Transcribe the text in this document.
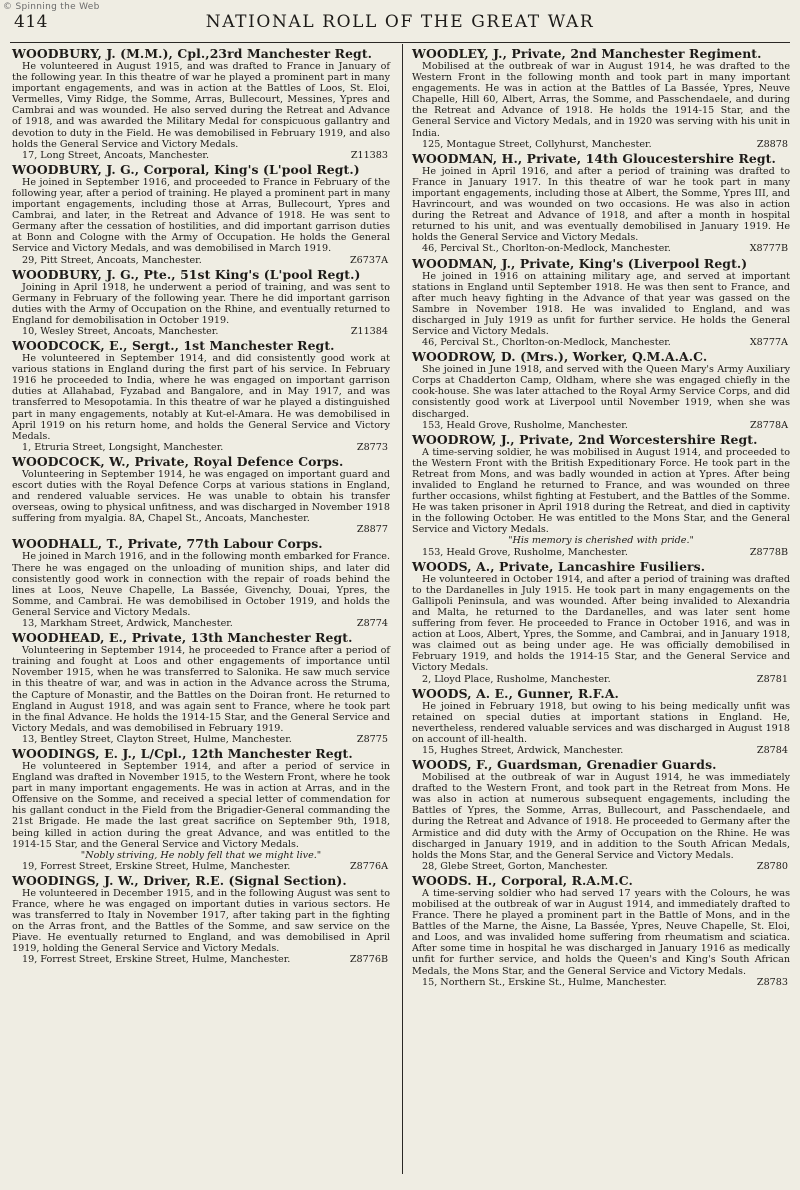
© Spinning the Web
414	NATIONAL ROLL OF THE GREAT WAR
WOODBURY, J. (M.M.), Cpl.,23rd Manchester Regt.
He volunteered in August 1915, and was drafted to France in January of the following year. In this theatre of war he played a prominent part in many important engagements, and was in action at the Battles of Loos, St. Eloi, Vermelles, Vimy Ridge, the Somme, Arras, Bullecourt, Messines, Ypres and Cambrai and was wounded. He also served during the Retreat and Advance of 1918, and was awarded the Military Medal for conspicuous gallantry and devotion to duty in the Field. He was demobilised in February 1919, and also holds the General Service and Victory Medals.
17, Long Street, Ancoats, Manchester.	Z11383
WOODBURY, J. G., Corporal, King's (L'pool Regt.)
He joined in September 1916, and proceeded to France in February of the following year, after a period of training. He played a prominent part in many important engagements, including those at Arras, Bullecourt, Ypres and Cambrai, and later, in the Retreat and Advance of 1918. He was sent to Germany after the cessation of hostilities, and did important garrison duties at Bonn and Cologne with the Army of Occupation. He holds the General Service and Victory Medals, and was demobilised in March 1919.
29, Pitt Street, Ancoats, Manchester.	Z6737A
WOODBURY, J. G., Pte., 51st King's (L'pool Regt.)
Joining in April 1918, he underwent a period of training, and was sent to Germany in February of the following year. There he did important garrison duties with the Army of Occupation on the Rhine, and eventually returned to England for demobilisation in October 1919.
10, Wesley Street, Ancoats, Manchester.	Z11384
WOODCOCK, E., Sergt., 1st Manchester Regt.
He volunteered in September 1914, and did consistently good work at various stations in England during the first part of his service. In February 1916 he proceeded to India, where he was engaged on important garrison duties at Allahabad, Fyzabad and Bangalore, and in May 1917, and was transferred to Mesopotamia. In this theatre of war he played a distinguished part in many engagements, notably at Kut-el-Amara. He was demobilised in April 1919 on his return home, and holds the General Service and Victory Medals.
1, Etruria Street, Longsight, Manchester.	Z8773
WOODCOCK, W., Private, Royal Defence Corps.
Volunteering in September 1914, he was engaged on important guard and escort duties with the Royal Defence Corps at various stations in England, and rendered valuable services. He was unable to obtain his transfer overseas, owing to physical unfitness, and was discharged in November 1918 suffering from myalgia. 8A, Chapel St., Ancoats, Manchester.
Z8877
WOODHALL, T., Private, 77th Labour Corps.
He joined in March 1916, and in the following month embarked for France. There he was engaged on the unloading of munition ships, and later did consistently good work in connection with the repair of roads behind the lines at Loos, Neuve Chapelle, La Bassée, Givenchy, Douai, Ypres, the Somme, and Cambrai. He was demobilised in October 1919, and holds the General Service and Victory Medals.
13, Markham Street, Ardwick, Manchester.	Z8774
WOODHEAD, E., Private, 13th Manchester Regt.
Volunteering in September 1914, he proceeded to France after a period of training and fought at Loos and other engagements of importance until November 1915, when he was transferred to Salonika. He saw much service in this theatre of war, and was in action in the Advance across the Struma, the Capture of Monastir, and the Battles on the Doiran front. He returned to England in August 1918, and was again sent to France, where he took part in the final Advance. He holds the 1914-15 Star, and the General Service and Victory Medals, and was demobilised in February 1919.
13, Bentley Street, Clayton Street, Hulme, Manchester.	Z8775
WOODINGS, E. J., L/Cpl., 12th Manchester Regt.
He volunteered in September 1914, and after a period of service in England was drafted in November 1915, to the Western Front, where he took part in many important engagements. He was in action at Arras, and in the Offensive on the Somme, and received a special letter of commendation for his gallant conduct in the Field from the Brigadier-General commanding the 21st Brigade. He made the last great sacrifice on September 9th, 1918, being killed in action during the great Advance, and was entitled to the 1914-15 Star, and the General Service and Victory Medals.
"Nobly striving, He nobly fell that we might live."
19, Forrest Street, Erskine Street, Hulme, Manchester.	Z8776A
WOODINGS, J. W., Driver, R.E. (Signal Section).
He volunteered in December 1915, and in the following August was sent to France, where he was engaged on important duties in various sectors. He was transferred to Italy in November 1917, after taking part in the fighting on the Arras front, and the Battles of the Somme, and saw service on the Piave. He eventually returned to England, and was demobilised in April 1919, holding the General Service and Victory Medals.
19, Forrest Street, Erskine Street, Hulme, Manchester.	Z8776B
WOODLEY, J., Private, 2nd Manchester Regiment.
Mobilised at the outbreak of war in August 1914, he was drafted to the Western Front in the following month and took part in many important engagements. He was in action at the Battles of La Bassée, Ypres, Neuve Chapelle, Hill 60, Albert, Arras, the Somme, and Passchendaele, and during the Retreat and Advance of 1918. He holds the 1914-15 Star, and the General Service and Victory Medals, and in 1920 was serving with his unit in India.
125, Montague Street, Collyhurst, Manchester.	Z8878
WOODMAN, H., Private, 14th Gloucestershire Regt.
He joined in April 1916, and after a period of training was drafted to France in January 1917. In this theatre of war he took part in many important engagements, including those at Albert, the Somme, Ypres III, and Havrincourt, and was wounded on two occasions. He was also in action during the Retreat and Advance of 1918, and after a month in hospital returned to his unit, and was eventually demobilised in January 1919. He holds the General Service and Victory Medals.
46, Percival St., Chorlton-on-Medlock, Manchester.	X8777B
WOODMAN, J., Private, King's (Liverpool Regt.)
He joined in 1916 on attaining military age, and served at important stations in England until September 1918. He was then sent to France, and after much heavy fighting in the Advance of that year was gassed on the Sambre in November 1918. He was invalided to England, and was discharged in July 1919 as unfit for further service. He holds the General Service and Victory Medals.
46, Percival St., Chorlton-on-Medlock, Manchester.	X8777A
WOODROW, D. (Mrs.), Worker, Q.M.A.A.C.
She joined in June 1918, and served with the Queen Mary's Army Auxiliary Corps at Chadderton Camp, Oldham, where she was engaged chiefly in the cook-house. She was later attached to the Royal Army Service Corps, and did consistently good work at Liverpool until November 1919, when she was discharged.
153, Heald Grove, Rusholme, Manchester.	Z8778A
WOODROW, J., Private, 2nd Worcestershire Regt.
A time-serving soldier, he was mobilised in August 1914, and proceeded to the Western Front with the British Expeditionary Force. He took part in the Retreat from Mons, and was badly wounded in action at Ypres. After being invalided to England he returned to France, and was wounded on three further occasions, whilst fighting at Festubert, and the Battles of the Somme. He was taken prisoner in April 1918 during the Retreat, and died in captivity in the following October. He was entitled to the Mons Star, and the General Service and Victory Medals.
"His memory is cherished with pride."
153, Heald Grove, Rusholme, Manchester.	Z8778B
WOODS, A., Private, Lancashire Fusiliers.
He volunteered in October 1914, and after a period of training was drafted to the Dardanelles in July 1915. He took part in many engagements on the Gallipoli Peninsula, and was wounded. After being invalided to Alexandria and Malta, he returned to the Dardanelles, and was later sent home suffering from fever. He proceeded to France in October 1916, and was in action at Loos, Albert, Ypres, the Somme, and Cambrai, and in January 1918, was claimed out as being under age. He was officially demobilised in February 1919, and holds the 1914-15 Star, and the General Service and Victory Medals.
2, Lloyd Place, Rusholme, Manchester.	Z8781
WOODS, A. E., Gunner, R.F.A.
He joined in February 1918, but owing to his being medically unfit was retained on special duties at important stations in England. He, nevertheless, rendered valuable services and was discharged in August 1918 on account of ill-health.
15, Hughes Street, Ardwick, Manchester.	Z8784
WOODS, F., Guardsman, Grenadier Guards.
Mobilised at the outbreak of war in August 1914, he was immediately drafted to the Western Front, and took part in the Retreat from Mons. He was also in action at numerous subsequent engagements, including the Battles of Ypres, the Somme, Arras, Bullecourt, and Passchendaele, and during the Retreat and Advance of 1918. He proceeded to Germany after the Armistice and did duty with the Army of Occupation on the Rhine. He was discharged in January 1919, and in addition to the South African Medals, holds the Mons Star, and the General Service and Victory Medals.
28, Glebe Street, Gorton, Manchester.	Z8780
WOODS. H., Corporal, R.A.M.C.
A time-serving soldier who had served 17 years with the Colours, he was mobilised at the outbreak of war in August 1914, and immediately drafted to France. There he played a prominent part in the Battle of Mons, and in the Battles of the Marne, the Aisne, La Bassée, Ypres, Neuve Chapelle, St. Eloi, and Loos, and was invalided home suffering from rheumatism and sciatica. After some time in hospital he was discharged in January 1916 as medically unfit for further service, and holds the Queen's and King's South African Medals, the Mons Star, and the General Service and Victory Medals.
15, Northern St., Erskine St., Hulme, Manchester.	Z8783
